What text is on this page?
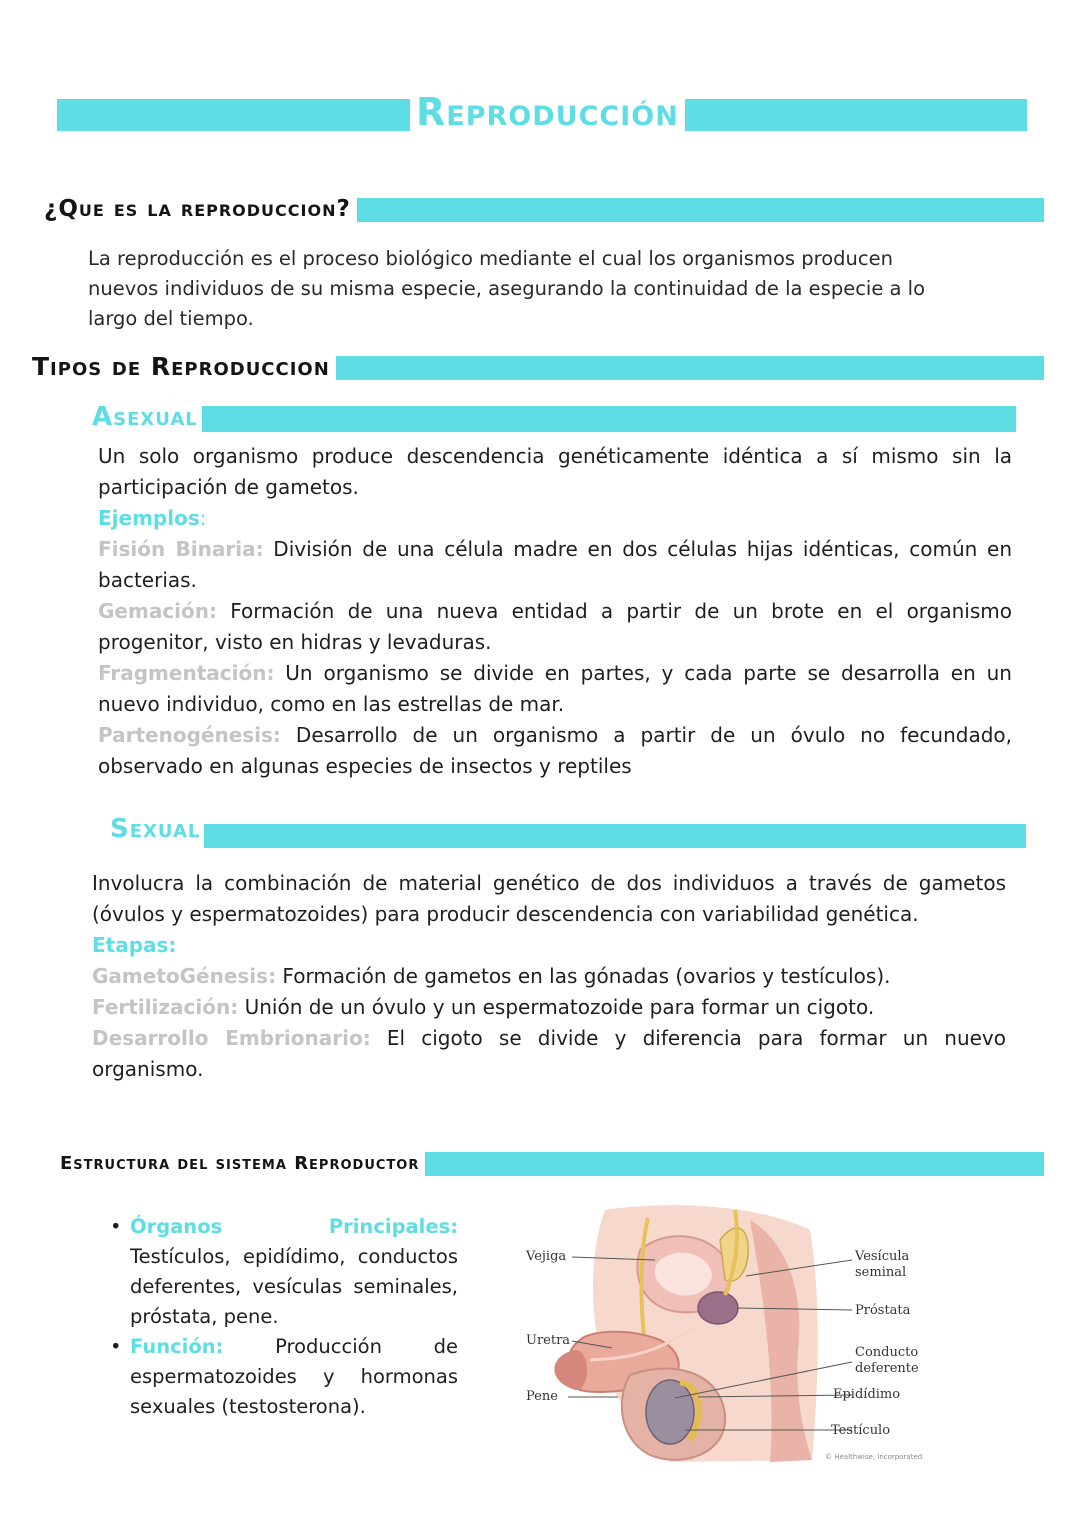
Reproducción
¿Que es la reproduccion?

La reproducción es el proceso biológico mediante el cual los organismos producen nuevos individuos de su misma especie, asegurando la continuidad de la especie a lo largo del tiempo.

Tipos de Reproduccion
Asexual
Un solo organismo produce descendencia genéticamente idéntica a sí mismo sin la participación de gametos.
Ejemplos:
Fisión Binaria: División de una célula madre en dos células hijas idénticas, común en bacterias.
Gemación: Formación de una nueva entidad a partir de un brote en el organismo progenitor, visto en hidras y levaduras.
Fragmentación: Un organismo se divide en partes, y cada parte se desarrolla en un nuevo individuo, como en las estrellas de mar.
Partenogénesis: Desarrollo de un organismo a partir de un óvulo no fecundado, observado en algunas especies de insectos y reptiles
Sexual
Involucra la combinación de material genético de dos individuos a través de gametos (óvulos y espermatozoides) para producir descendencia con variabilidad genética.
Etapas:
GametoGénesis: Formación de gametos en las gónadas (ovarios y testículos).
Fertilización: Unión de un óvulo y un espermatozoide para formar un cigoto.
Desarrollo Embrionario: El cigoto se divide y diferencia para formar un nuevo organismo.
Estructura del sistema Reproductor
• Órganos Principales: Testículos, epidídimo, conductos deferentes, vesículas seminales, próstata, pene.
• Función: Producción de espermatozoides y hormonas sexuales (testosterona).
Vejiga
Uretra
Pene
Vesícula seminal
Próstata
Conducto deferente
Epidídimo
Testículo
© Healthwise, Incorporated
